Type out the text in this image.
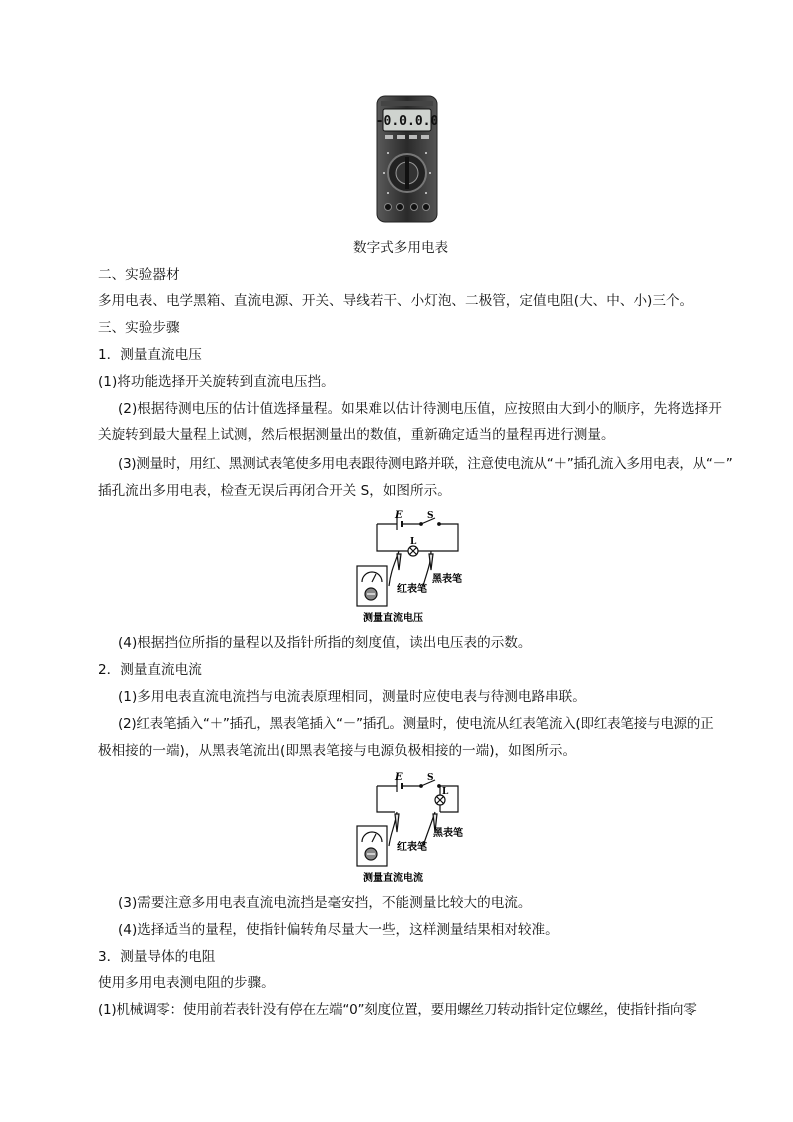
-0.0.0.0
数字式多用电表
二、实验器材
多用电表、电学黑箱、直流电源、开关、导线若干、小灯泡、二极管，定值电阻(大、中、小)三个。
三、实验步骤
1．测量直流电压
(1)将功能选择开关旋转到直流电压挡。
(2)根据待测电压的估计值选择量程。如果难以估计待测电压值，应按照由大到小的顺序，先将选择开
关旋转到最大量程上试测，然后根据测量出的数值，重新确定适当的量程再进行测量。
(3)测量时，用红、黑测试表笔使多用电表跟待测电路并联，注意使电流从“＋”插孔流入多用电表，从“－”
插孔流出多用电表，检查无误后再闭合开关 S，如图所示。
E	S
L
黑表笔
红表笔
测量直流电压
(4)根据挡位所指的量程以及指针所指的刻度值，读出电压表的示数。
2．测量直流电流
(1)多用电表直流电流挡与电流表原理相同，测量时应使电表与待测电路串联。
(2)红表笔插入“＋”插孔，黑表笔插入“－”插孔。测量时，使电流从红表笔流入(即红表笔接与电源的正
极相接的一端)，从黑表笔流出(即黑表笔接与电源负极相接的一端)，如图所示。
E	S
L
黑表笔
红表笔
测量直流电流
(3)需要注意多用电表直流电流挡是毫安挡，不能测量比较大的电流。
(4)选择适当的量程，使指针偏转角尽量大一些，这样测量结果相对较准。
3．测量导体的电阻
使用多用电表测电阻的步骤。
(1)机械调零：使用前若表针没有停在左端“0”刻度位置，要用螺丝刀转动指针定位螺丝，使指针指向零
